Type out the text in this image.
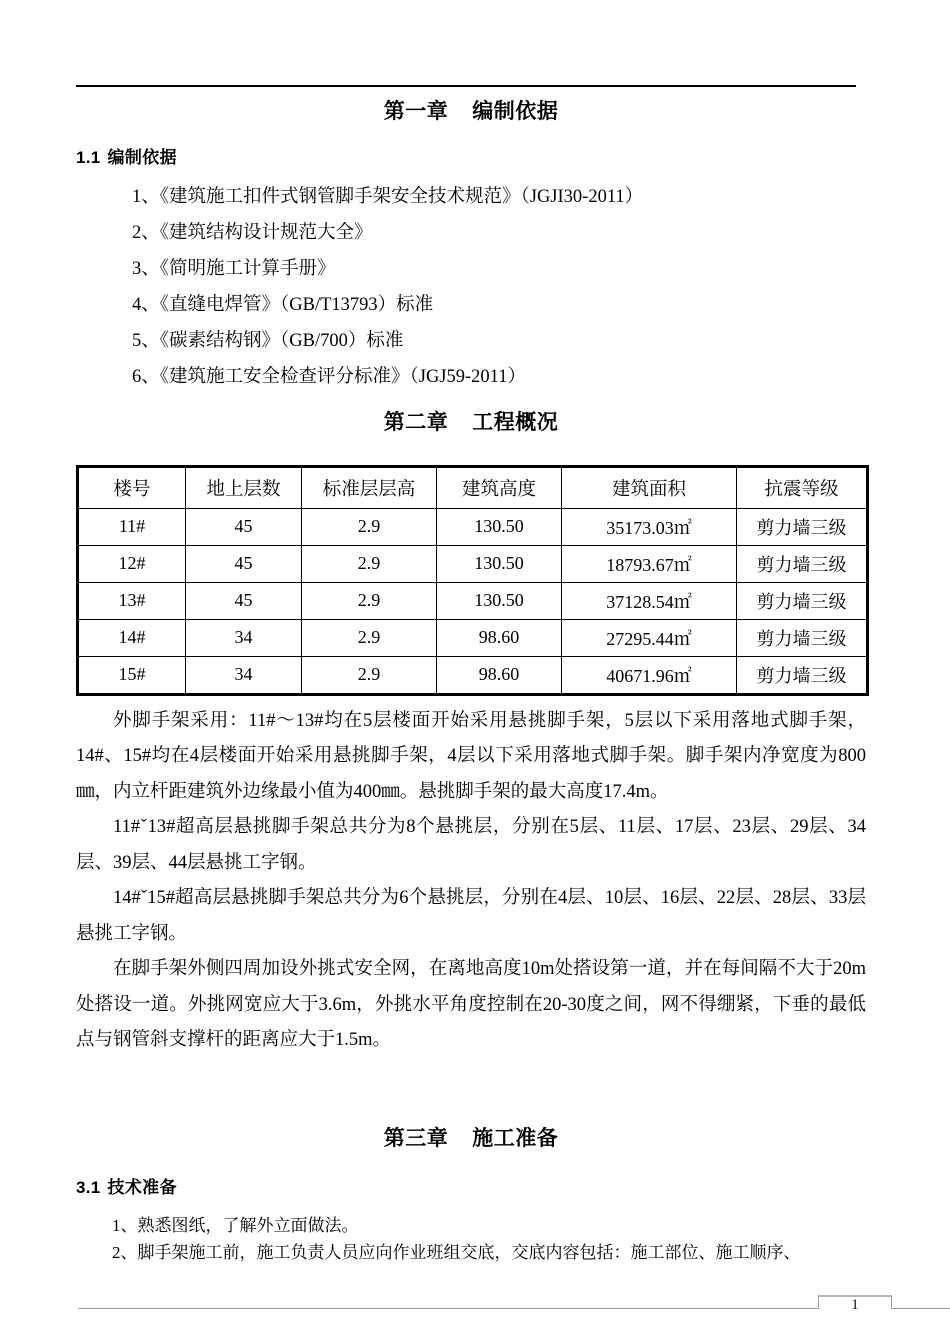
第一章 编制依据
1.1 编制依据
1、《建筑施工扣件式钢管脚手架安全技术规范》（JGJI30-2011）
2、《建筑结构设计规范大全》
3、《简明施工计算手册》
4、《直缝电焊管》（GB/T13793）标准
5、《碳素结构钢》（GB/700）标准
6、《建筑施工安全检查评分标准》（JGJ59-2011）
第二章 工程概况
楼号	地上层数	标准层层高	建筑高度	建筑面积	抗震等级
11#	45	2.9	130.50	35173.03㎡	剪力墙三级
12#	45	2.9	130.50	18793.67㎡	剪力墙三级
13#	45	2.9	130.50	37128.54㎡	剪力墙三级
14#	34	2.9	98.60	27295.44㎡	剪力墙三级
15#	34	2.9	98.60	40671.96㎡	剪力墙三级

外脚手架采用：11#～13#均在5层楼面开始采用悬挑脚手架，5层以下采用落地式脚手架，14#、15#均在4层楼面开始采用悬挑脚手架，4层以下采用落地式脚手架。脚手架内净宽度为800㎜，内立杆距建筑外边缘最小值为400㎜。悬挑脚手架的最大高度17.4m。

11#ˇ13#超高层悬挑脚手架总共分为8个悬挑层，分别在5层、11层、17层、23层、29层、34层、39层、44层悬挑工字钢。

14#ˇ15#超高层悬挑脚手架总共分为6个悬挑层，分别在4层、10层、16层、22层、28层、33层悬挑工字钢。

在脚手架外侧四周加设外挑式安全网，在离地高度10m处搭设第一道，并在每间隔不大于20m处搭设一道。外挑网宽应大于3.6m，外挑水平角度控制在20-30度之间，网不得绷紧，下垂的最低点与钢管斜支撑杆的距离应大于1.5m。

第三章 施工准备
3.1 技术准备
1、熟悉图纸，了解外立面做法。
2、脚手架施工前，施工负责人员应向作业班组交底，交底内容包括：施工部位、施工顺序、
1
